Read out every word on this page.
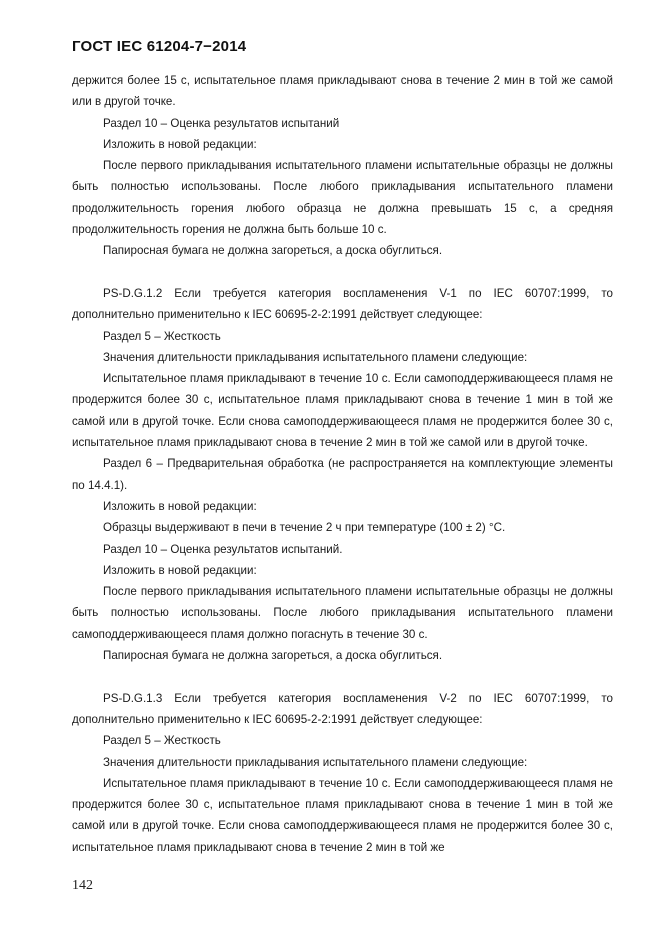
ГОСТ IEC 61204-7−2014

держится более 15 с, испытательное пламя прикладывают снова в течение 2 мин в той же самой или в другой точке.

Раздел 10 – Оценка результатов испытаний

Изложить в новой редакции:

После первого прикладывания испытательного пламени испытательные образцы не должны быть полностью использованы. После любого прикладывания испытательного пламени продолжительность горения любого образца не должна превышать 15 с, а средняя продолжительность горения не должна быть больше 10 с.

Папиросная бумага не должна загореться, а доска обуглиться.

PS-D.G.1.2 Если требуется категория воспламенения V-1 по IEC 60707:1999, то дополнительно применительно к IEC 60695-2-2:1991 действует следующее:

Раздел 5 – Жесткость

Значения длительности прикладывания испытательного пламени следующие:

Испытательное пламя прикладывают в течение 10 с. Если самоподдерживающееся пламя не продержится более 30 с, испытательное пламя прикладывают снова в течение 1 мин в той же самой или в другой точке. Если снова самоподдерживающееся пламя не продержится более 30 с, испытательное пламя прикладывают снова в течение 2 мин в той же самой или в другой точке.

Раздел 6 – Предварительная обработка (не распространяется на комплектующие элементы по 14.4.1).

Изложить в новой редакции:

Образцы выдерживают в печи в течение 2 ч при температуре (100 ± 2) °С.

Раздел 10 – Оценка результатов испытаний.

Изложить в новой редакции:

После первого прикладывания испытательного пламени испытательные образцы не должны быть полностью использованы. После любого прикладывания испытательного пламени самоподдерживающееся пламя должно погаснуть в течение 30 с.

Папиросная бумага не должна загореться, а доска обуглиться.

PS-D.G.1.3 Если требуется категория воспламенения V-2 по IEC 60707:1999, то дополнительно применительно к IEC 60695-2-2:1991 действует следующее:

Раздел 5 – Жесткость

Значения длительности прикладывания испытательного пламени следующие:

Испытательное пламя прикладывают в течение 10 с. Если самоподдерживающееся пламя не продержится более 30 с, испытательное пламя прикладывают снова в течение 1 мин в той же самой или в другой точке. Если снова самоподдерживающееся пламя не продержится более 30 с, испытательное пламя прикладывают снова в течение 2 мин в той же

142
